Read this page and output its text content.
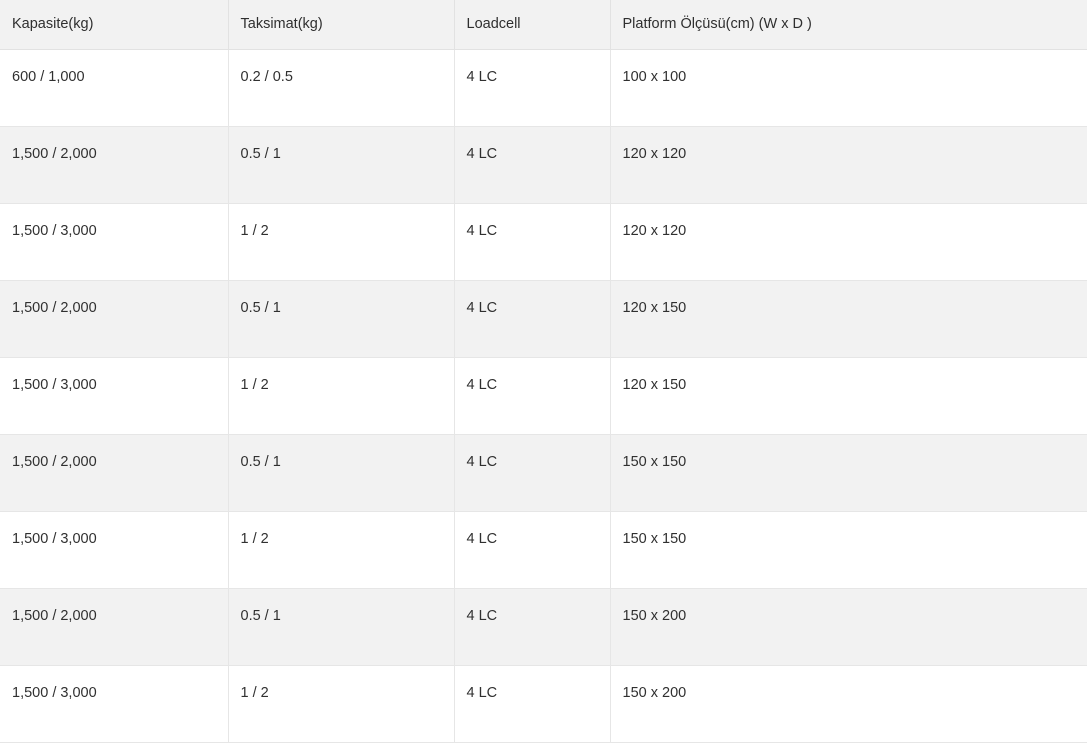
Kapasite(kg)	Taksimat(kg)	Loadcell	Platform Ölçüsü(cm) (W x D )
600 / 1,000	0.2 / 0.5	4 LC	100 x 100
1,500 / 2,000	0.5 / 1	4 LC	120 x 120
1,500 / 3,000	1 / 2	4 LC	120 x 120
1,500 / 2,000	0.5 / 1	4 LC	120 x 150
1,500 / 3,000	1 / 2	4 LC	120 x 150
1,500 / 2,000	0.5 / 1	4 LC	150 x 150
1,500 / 3,000	1 / 2	4 LC	150 x 150
1,500 / 2,000	0.5 / 1	4 LC	150 x 200
1,500 / 3,000	1 / 2	4 LC	150 x 200
